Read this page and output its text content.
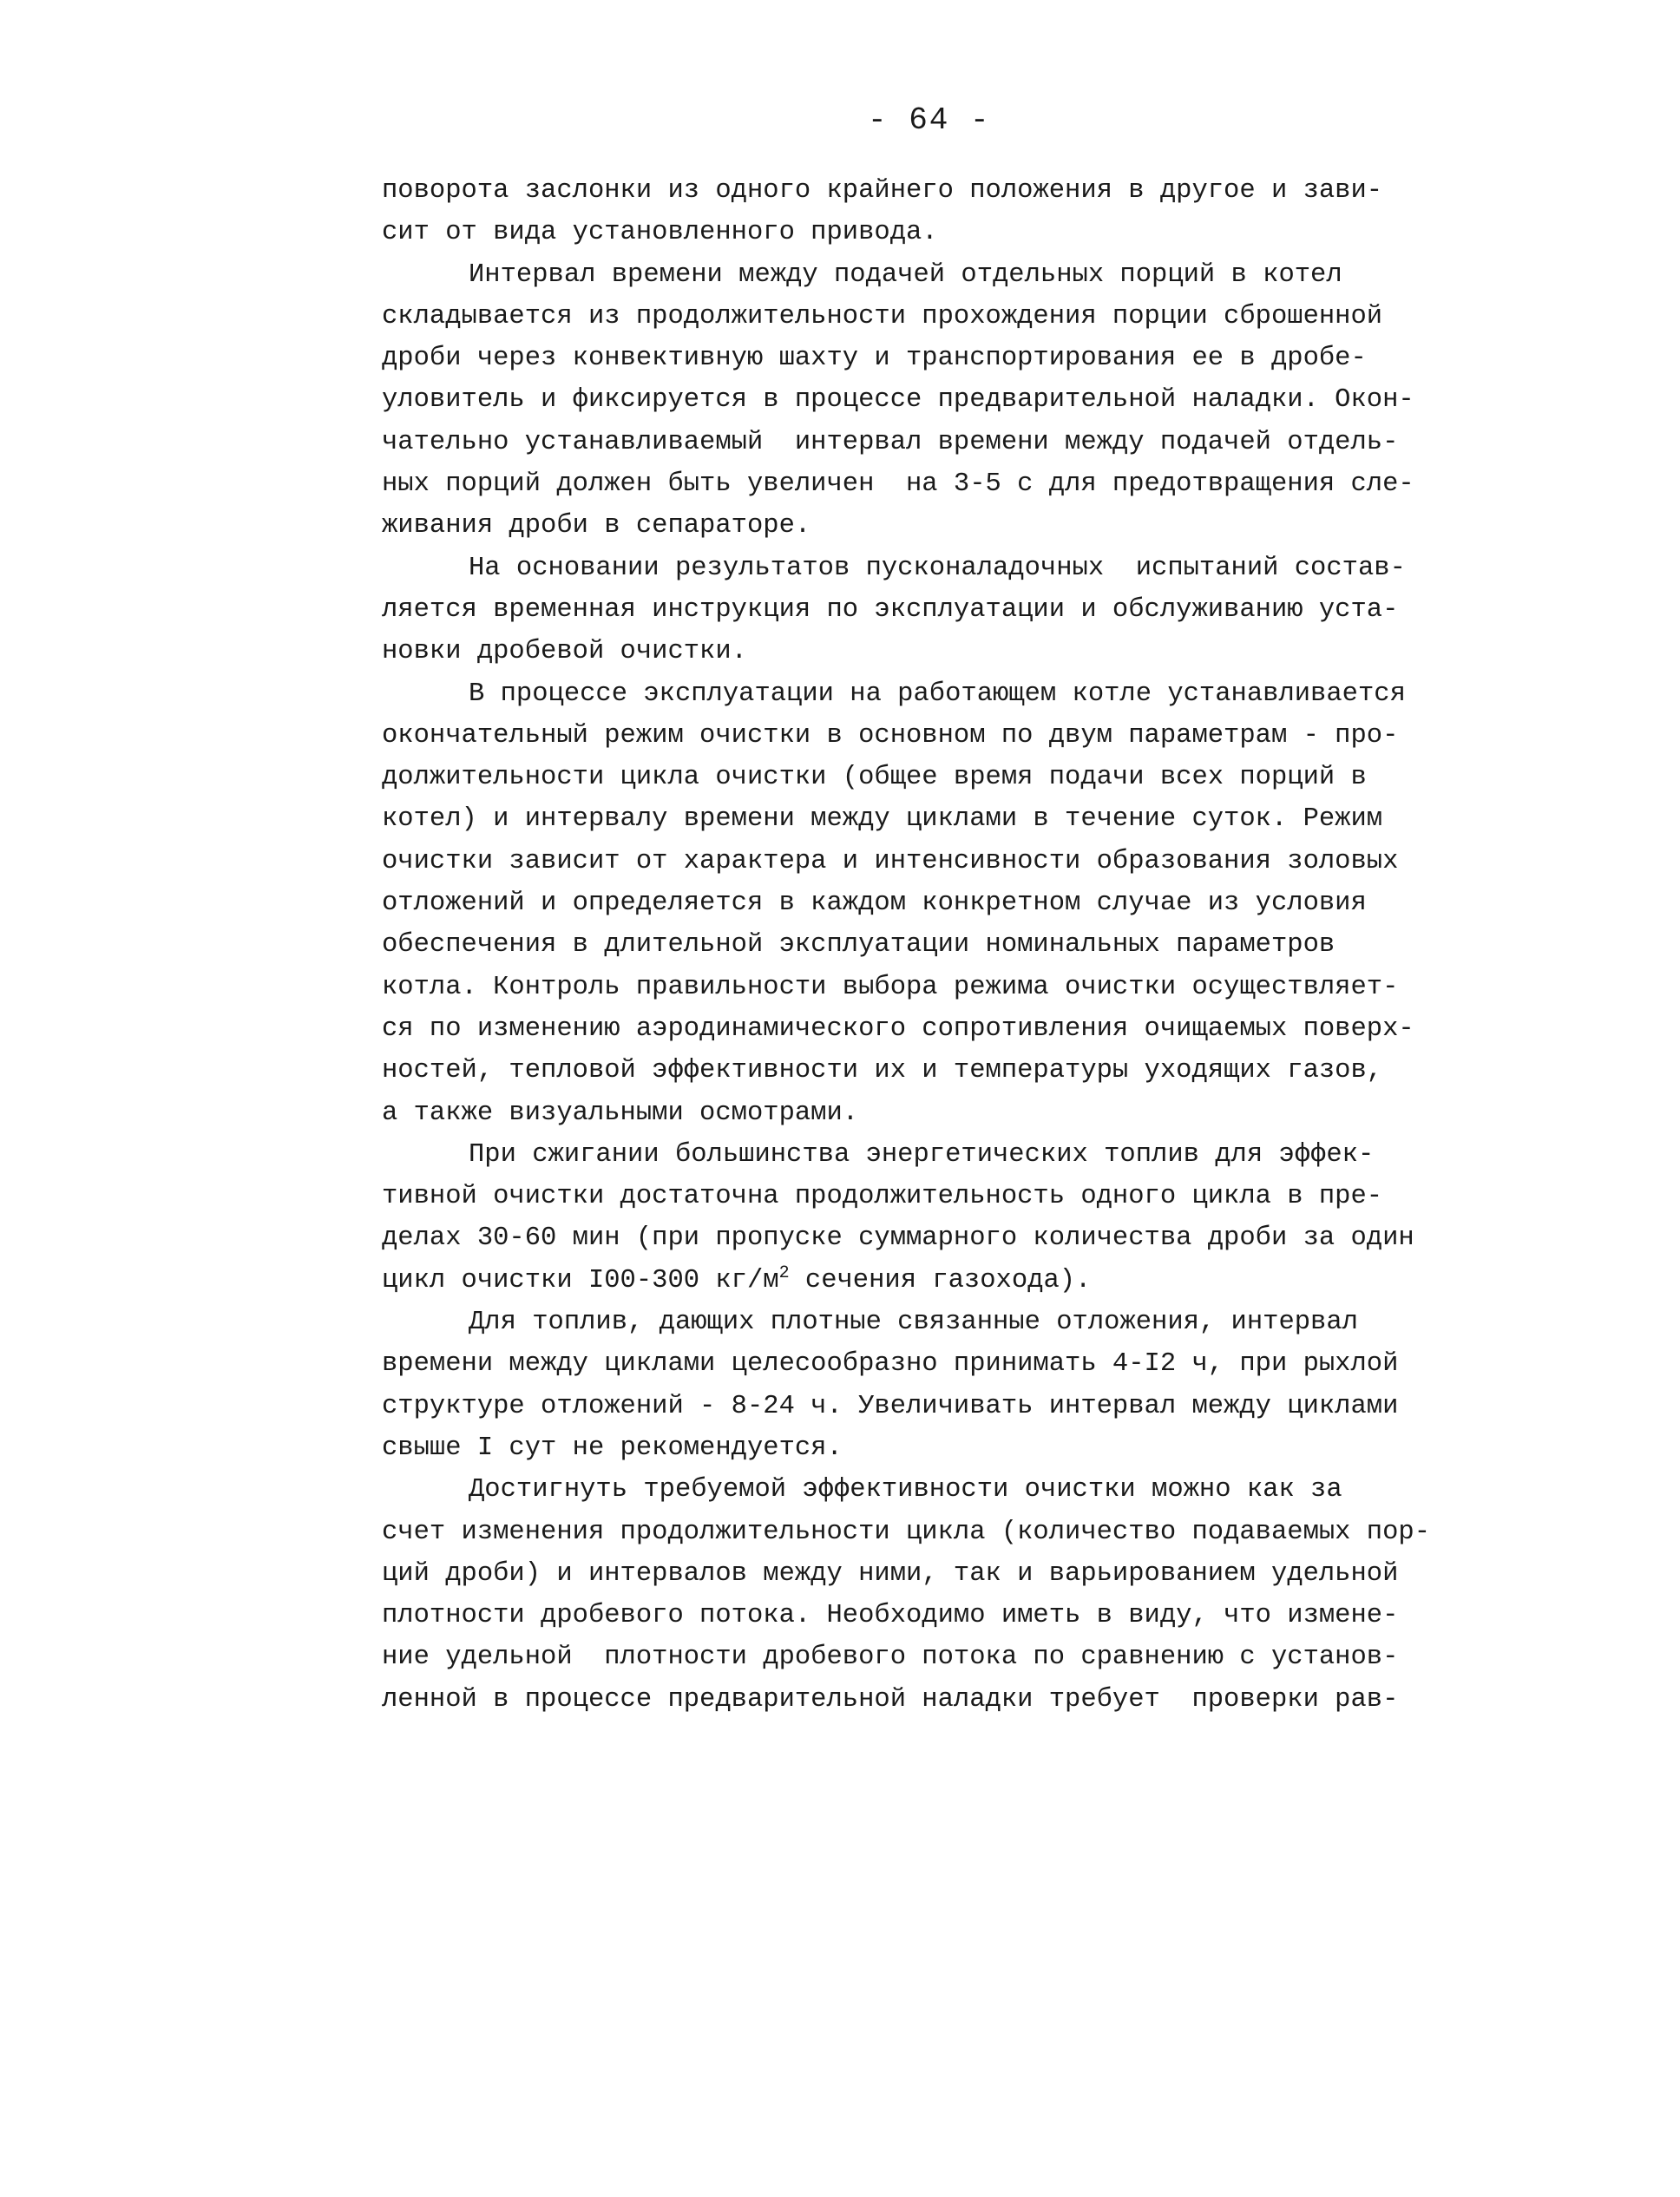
- 64 -
поворота заслонки из одного крайнего положения в другое и зави-
сит от вида установленного привода.
Интервал времени между подачей отдельных порций в котел
складывается из продолжительности прохождения порции сброшенной
дроби через конвективную шахту и транспортирования ее в дробе-
уловитель и фиксируется в процессе предварительной наладки. Окон-
чательно устанавливаемый  интервал времени между подачей отдель-
ных порций должен быть увеличен  на 3-5 с для предотвращения сле-
живания дроби в сепараторе.
На основании результатов пусконаладочных  испытаний состав-
ляется временная инструкция по эксплуатации и обслуживанию уста-
новки дробевой очистки.
В процессе эксплуатации на работающем котле устанавливается
окончательный режим очистки в основном по двум параметрам - про-
должительности цикла очистки (общее время подачи всех порций в
котел) и интервалу времени между циклами в течение суток. Режим
очистки зависит от характера и интенсивности образования золовых
отложений и определяется в каждом конкретном случае из условия
обеспечения в длительной эксплуатации номинальных параметров
котла. Контроль правильности выбора режима очистки осуществляет-
ся по изменению аэродинамического сопротивления очищаемых поверх-
ностей, тепловой эффективности их и температуры уходящих газов,
а также визуальными осмотрами.
При сжигании большинства энергетических топлив для эффек-
тивной очистки достаточна продолжительность одного цикла в пре-
делах 30-60 мин (при пропуске суммарного количества дроби за один
цикл очистки I00-300 $кг/м^2$ сечения газохода).
Для топлив, дающих плотные связанные отложения, интервал
времени между циклами целесообразно принимать 4-I2 ч, при рыхлой
структуре отложений - 8-24 ч. Увеличивать интервал между циклами
свыше I сут не рекомендуется.
Достигнуть требуемой эффективности очистки можно как за
счет изменения продолжительности цикла (количество подаваемых пор-
ций дроби) и интервалов между ними, так и варьированием удельной
плотности дробевого потока. Необходимо иметь в виду, что измене-
ние удельной  плотности дробевого потока по сравнению с установ-
ленной в процессе предварительной наладки требует  проверки рав-
